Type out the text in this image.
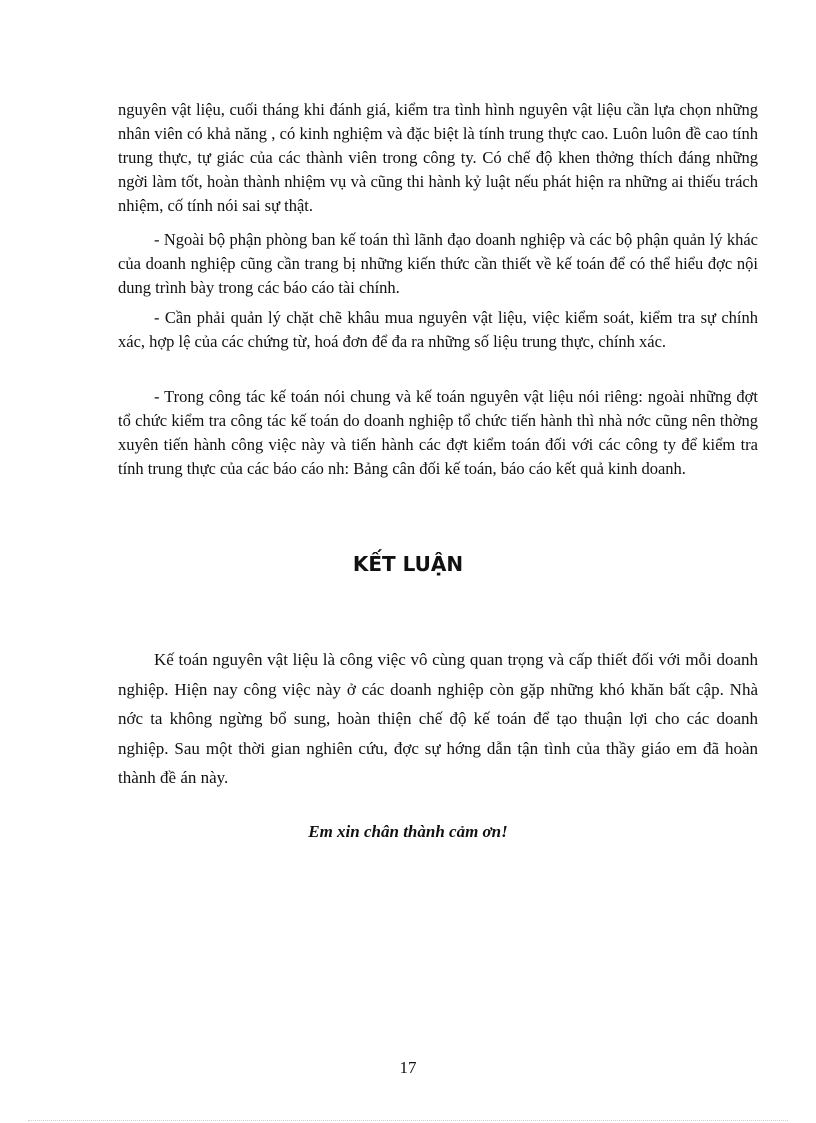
nguyên vật liệu, cuối tháng khi đánh giá, kiểm tra tình hình nguyên vật liệu cần lựa chọn những nhân viên có khả năng , có kinh nghiệm và đặc biệt là tính trung thực cao. Luôn luôn đề cao tính trung thực, tự giác của các thành viên trong công ty. Có chế độ khen thởng thích đáng những ngời làm tốt, hoàn thành nhiệm vụ và cũng thi hành kỷ luật nếu phát hiện ra những ai thiếu trách nhiệm, cố tính nói sai sự thật.

- Ngoài bộ phận phòng ban kế toán thì lãnh đạo doanh nghiệp và các bộ phận quản lý khác của doanh nghiệp cũng cần trang bị những kiến thức cần thiết về kế toán để có thể hiểu đợc nội dung trình bày trong các báo cáo tài chính.

- Cần phải quản lý chặt chẽ khâu mua nguyên vật liệu, việc kiểm soát, kiểm tra sự chính xác, hợp lệ của các chứng từ, hoá đơn để đa ra những số liệu trung thực, chính xác.

- Trong công tác kế toán nói chung và kế toán nguyên vật liệu nói riêng: ngoài những đợt tổ chức kiểm tra công tác kế toán do doanh nghiệp tổ chức tiến hành thì nhà nớc cũng nên thờng xuyên tiến hành công việc này và tiến hành các đợt kiểm toán đối với các công ty để kiểm tra tính trung thực của các báo cáo nh: Bảng cân đối kế toán, báo cáo kết quả kinh doanh.

KẾT LUẬN

Kế toán nguyên vật liệu là công việc vô cùng quan trọng và cấp thiết đối với mỗi doanh nghiệp. Hiện nay công việc này ở các doanh nghiệp còn gặp những khó khăn bất cập. Nhà nớc ta không ngừng bổ sung, hoàn thiện chế độ kế toán để tạo thuận lợi cho các doanh nghiệp. Sau một thời gian nghiên cứu, đợc sự hớng dẫn tận tình của thầy giáo em đã hoàn thành đề án này.

Em xin chân thành cảm ơn!

17
